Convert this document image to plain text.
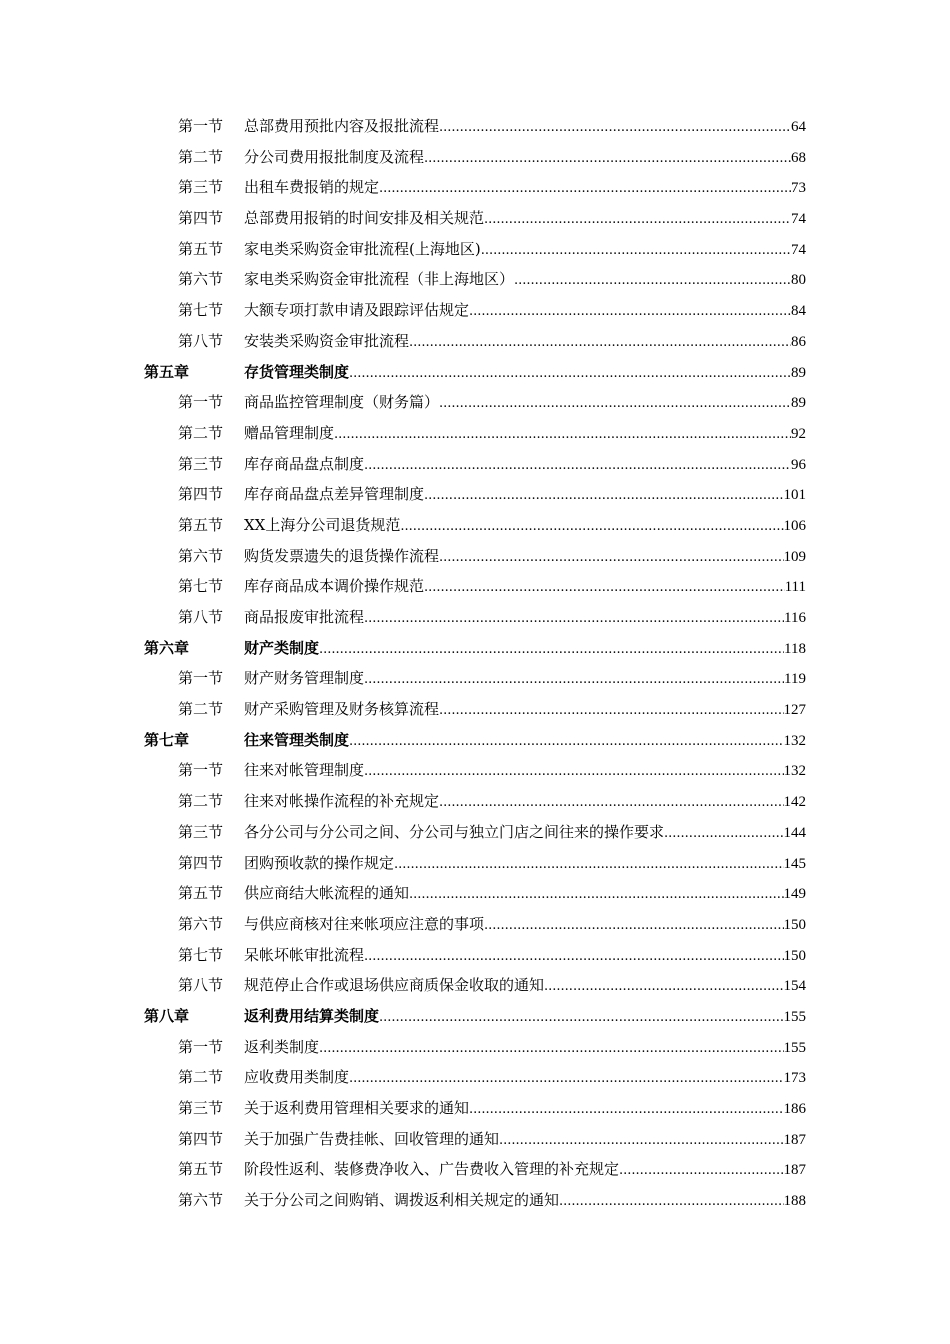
第一节 总部费用预批内容及报批流程 .....	64
第二节 分公司费用报批制度及流程 .....	68
第三节 出租车费报销的规定 .....	73
第四节 总部费用报销的时间安排及相关规范 .....	74
第五节 家电类采购资金审批流程(上海地区) .....	74
第六节 家电类采购资金审批流程（非上海地区） .....	80
第七节 大额专项打款申请及跟踪评估规定 .....	84
第八节 安装类采购资金审批流程 .....	86
第五章	存货管理类制度 .....	89
第一节 商品监控管理制度（财务篇） .....	89
第二节 赠品管理制度 .....	92
第三节 库存商品盘点制度 .....	96
第四节 库存商品盘点差异管理制度 .....	101
第五节 XX上海分公司退货规范 .....	106
第六节 购货发票遗失的退货操作流程 .....	109
第七节 库存商品成本调价操作规范 .....	111
第八节 商品报废审批流程 .....	116
第六章	财产类制度 .....	118
第一节 财产财务管理制度 .....	119
第二节 财产采购管理及财务核算流程 .....	127
第七章	往来管理类制度 .....	132
第一节 往来对帐管理制度 .....	132
第二节 往来对帐操作流程的补充规定 .....	142
第三节 各分公司与分公司之间、分公司与独立门店之间往来的操作要求 .....	144
第四节 团购预收款的操作规定 .....	145
第五节 供应商结大帐流程的通知 .....	149
第六节 与供应商核对往来帐项应注意的事项 .....	150
第七节 呆帐坏帐审批流程 .....	150
第八节 规范停止合作或退场供应商质保金收取的通知 .....	154
第八章	返利费用结算类制度 .....	155
第一节 返利类制度 .....	155
第二节 应收费用类制度 .....	173
第三节 关于返利费用管理相关要求的通知 .....	186
第四节 关于加强广告费挂帐、回收管理的通知 .....	187
第五节 阶段性返利、装修费净收入、广告费收入管理的补充规定 .....	187
第六节 关于分公司之间购销、调拨返利相关规定的通知 .....	188
